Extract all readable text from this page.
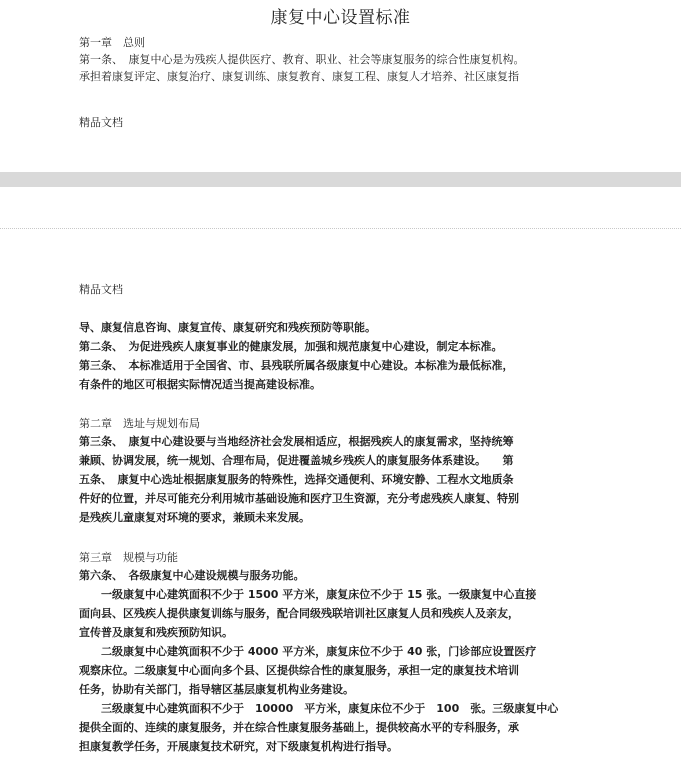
康复中心设置标准
第一章　总则
第一条、　康复中心是为残疾人提供医疗、教育、职业、社会等康复服务的综合性康复机构。
承担着康复评定、康复治疗、康复训练、康复教育、康复工程、康复人才培养、社区康复指
精品文档
精品文档
导、康复信息咨询、康复宣传、康复研究和残疾预防等职能。
第二条、　为促进残疾人康复事业的健康发展，加强和规范康复中心建设，制定本标准。
第三条、　本标准适用于全国省、市、县残联所属各级康复中心建设。本标准为最低标准，
有条件的地区可根据实际情况适当提高建设标准。
第二章　选址与规划布局
第三条、　康复中心建设要与当地经济社会发展相适应，根据残疾人的康复需求，坚持统筹
兼顾、协调发展，统一规划、合理布局，促进覆盖城乡残疾人的康复服务体系建设。　　第
五条、　康复中心选址根据康复服务的特殊性，选择交通便利、环境安静、工程水文地质条
件好的位置，并尽可能充分利用城市基础设施和医疗卫生资源，充分考虑残疾人康复、特别
是残疾儿童康复对环境的要求，兼顾未来发展。
第三章　规模与功能
第六条、　各级康复中心建设规模与服务功能。
一级康复中心建筑面积不少于 1500 平方米，康复床位不少于 15 张。一级康复中心直接
面向县、区残疾人提供康复训练与服务，配合同级残联培训社区康复人员和残疾人及亲友，
宣传普及康复和残疾预防知识。
二级康复中心建筑面积不少于 4000 平方米，康复床位不少于 40 张，门诊部应设置医疗
观察床位。二级康复中心面向多个县、区提供综合性的康复服务，承担一定的康复技术培训
任务，协助有关部门，指导辖区基层康复机构业务建设。
三级康复中心建筑面积不少于　10000　平方米，康复床位不少于　100　张。三级康复中心
提供全面的、连续的康复服务，并在综合性康复服务基础上，提供较高水平的专科服务，承
担康复教学任务，开展康复技术研究，对下级康复机构进行指导。
